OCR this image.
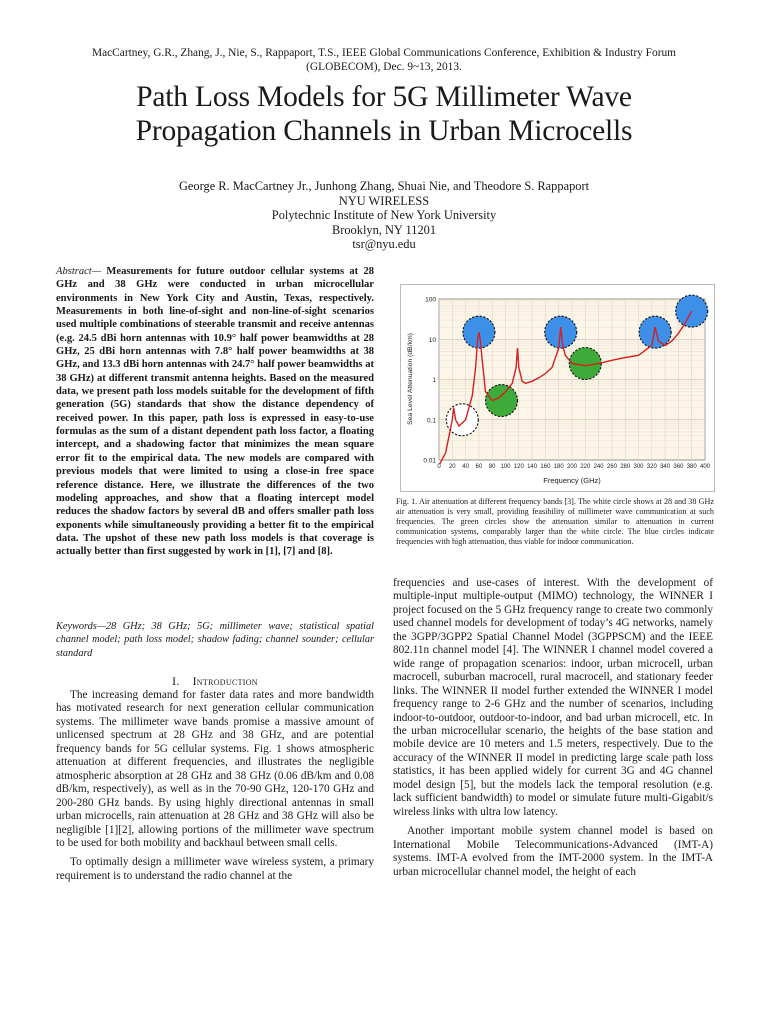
MacCartney, G.R., Zhang, J., Nie, S., Rappaport, T.S., IEEE Global Communications Conference, Exhibition & Industry Forum
(GLOBECOM), Dec. 9~13, 2013.
Path Loss Models for 5G Millimeter Wave
Propagation Channels in Urban Microcells
George R. MacCartney Jr., Junhong Zhang, Shuai Nie, and Theodore S. Rappaport
NYU WIRELESS
Polytechnic Institute of New York University
Brooklyn, NY 11201
tsr@nyu.edu
Abstract— Measurements for future outdoor cellular systems at 28 GHz and 38 GHz were conducted in urban microcellular environments in New York City and Austin, Texas, respectively. Measurements in both line-of-sight and non-line-of-sight scenarios used multiple combinations of steerable transmit and receive antennas (e.g. 24.5 dBi horn antennas with 10.9° half power beamwidths at 28 GHz, 25 dBi horn antennas with 7.8° half power beamwidths at 38 GHz, and 13.3 dBi horn antennas with 24.7° half power beamwidths at 38 GHz) at different transmit antenna heights. Based on the measured data, we present path loss models suitable for the development of fifth generation (5G) standards that show the distance dependency of received power. In this paper, path loss is expressed in easy-to-use formulas as the sum of a distant dependent path loss factor, a floating intercept, and a shadowing factor that minimizes the mean square error fit to the empirical data. The new models are compared with previous models that were limited to using a close-in free space reference distance. Here, we illustrate the differences of the two modeling approaches, and show that a floating intercept model reduces the shadow factors by several dB and offers smaller path loss exponents while simultaneously providing a better fit to the empirical data. The upshot of these new path loss models is that coverage is actually better than first suggested by work in [1], [7] and [8].
Keywords—28 GHz; 38 GHz; 5G; millimeter wave; statistical spatial channel model; path loss model; shadow fading; channel sounder; cellular standard
I. Introduction

The increasing demand for faster data rates and more bandwidth has motivated research for next generation cellular communication systems. The millimeter wave bands promise a massive amount of unlicensed spectrum at 28 GHz and 38 GHz, and are potential frequency bands for 5G cellular systems. Fig. 1 shows atmospheric attenuation at different frequencies, and illustrates the negligible atmospheric absorption at 28 GHz and 38 GHz (0.06 dB/km and 0.08 dB/km, respectively), as well as in the 70-90 GHz, 120-170 GHz and 200-280 GHz bands. By using highly directional antennas in small urban microcells, rain attenuation at 28 GHz and 38 GHz will also be negligible [1][2], allowing portions of the millimeter wave spectrum to be used for both mobility and backhaul between small cells.

To optimally design a millimeter wave wireless system, a primary requirement is to understand the radio channel at the

0.01
0.1
1
10
100
0 20 40 60 80 100 120 140 160 180 200 220 240 260 280 300 320 340 360 380 400
Frequency (GHz)
Sea Level Attenuation (dB/km)
Fig. 1. Air attenuation at different frequency bands [3]. The white circle shows at 28 and 38 GHz air attenuation is very small, providing feasibility of millimeter wave communication at such frequencies. The green circles show the attenuation similar to attenuation in current communication systems, comparably larger than the white circle. The blue circles indicate frequencies with high attenuation, thus viable for indoor communication.

frequencies and use-cases of interest. With the development of multiple-input multiple-output (MIMO) technology, the WINNER I project focused on the 5 GHz frequency range to create two commonly used channel models for development of today’s 4G networks, namely the 3GPP/3GPP2 Spatial Channel Model (3GPPSCM) and the IEEE 802.11n channel model [4]. The WINNER I channel model covered a wide range of propagation scenarios: indoor, urban microcell, urban macrocell, suburban macrocell, rural macrocell, and stationary feeder links. The WINNER II model further extended the WINNER I model frequency range to 2-6 GHz and the number of scenarios, including indoor-to-outdoor, outdoor-to-indoor, and bad urban microcell, etc. In the urban microcellular scenario, the heights of the base station and mobile device are 10 meters and 1.5 meters, respectively. Due to the accuracy of the WINNER II model in predicting large scale path loss statistics, it has been applied widely for current 3G and 4G channel model design [5], but the models lack the temporal resolution (e.g. lack sufficient bandwidth) to model or simulate future multi-Gigabit/s wireless links with ultra low latency.

Another important mobile system channel model is based on International Mobile Telecommunications-Advanced (IMT-A) systems. IMT-A evolved from the IMT-2000 system. In the IMT-A urban microcellular channel model, the height of each
